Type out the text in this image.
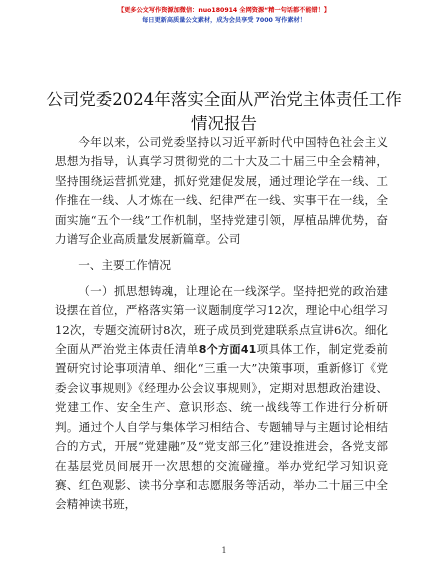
【更多公文写作资源加微信：nuo180914 全网资源“精一句话都不能错！】
每日更新高质量公文素材，成为会员享受 7000 写作素材！
公司党委2024年落实全面从严治党主体责任工作情况报告

今年以来，公司党委坚持以习近平新时代中国特色社会主义思想为指导，认真学习贯彻党的二十大及二十届三中全会精神，坚持围绕运营抓党建，抓好党建促发展，通过理论学在一线、工作推在一线、人才炼在一线、纪律严在一线、实事干在一线，全面实施“五个一线”工作机制，坚持党建引领，厚植品牌优势，奋力谱写企业高质量发展新篇章。公司

一、主要工作情况

（一）抓思想铸魂，让理论在一线深学。坚持把党的政治建设摆在首位，严格落实第一议题制度学习12次，理论中心组学习12次，专题交流研讨8次，班子成员到党建联系点宣讲6次。细化全面从严治党主体责任清单8个方面41项具体工作，制定党委前置研究讨论事项清单、细化“三重一大”决策事项，重新修订《党委会议事规则》《经理办公会议事规则》，定期对思想政治建设、党建工作、安全生产、意识形态、统一战线等工作进行分析研判。通过个人自学与集体学习相结合、专题辅导与主题讨论相结合的方式，开展“党建融”及“党支部三化”建设推进会，各党支部在基层党员间展开一次思想的交流碰撞。举办党纪学习知识竞赛、红色观影、读书分享和志愿服务等活动，举办二十届三中全会精神读书班，

1
